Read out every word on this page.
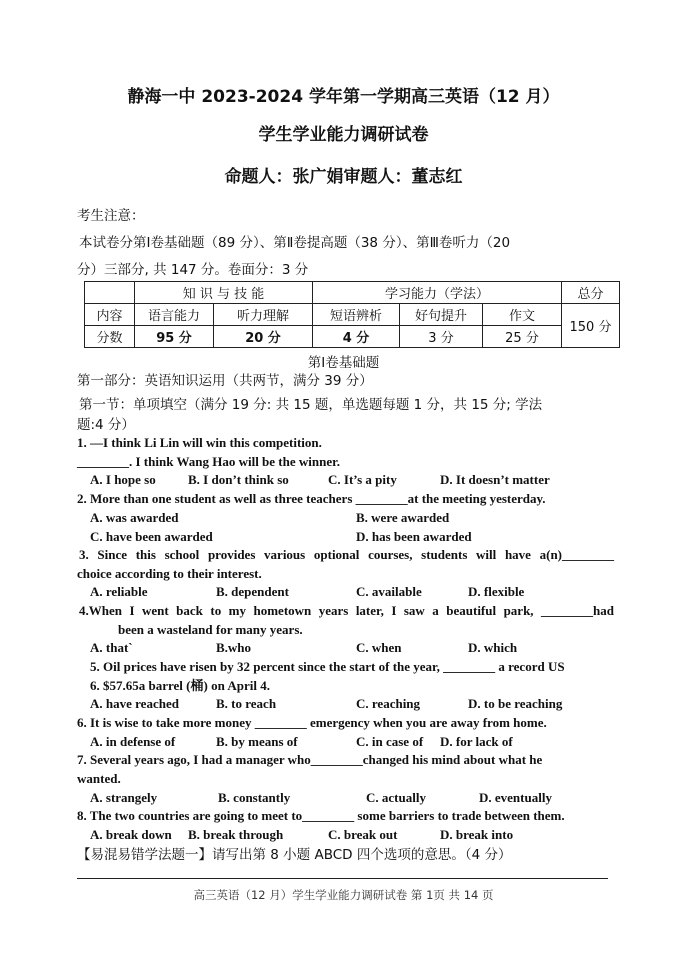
静海一中 2023-2024 学年第一学期高三英语（12 月）
学生学业能力调研试卷
命题人：张广娟审题人：董志红
考生注意：
本试卷分第Ⅰ卷基础题（89 分）、第Ⅱ卷提高题（38 分）、第Ⅲ卷听力（20
分）三部分, 共 147 分。卷面分：3 分
	知 识 与 技 能		学习能力（学法）			总分
内容	语言能力	听力理解	短语辨析	好句提升	作文	150 分
分数	95 分	20 分	4 分	3 分	25 分	
第Ⅰ卷基础题
第一部分：英语知识运用（共两节，满分 39 分）
第一节：单项填空（满分 19 分: 共 15 题，单选题每题 1 分，共 15 分; 学法
题:4 分）
1. —I think Li Lin will win this competition.
________. I think Wang Hao will be the winner.
A. I hope so B. I don’t think so	C. It’s a pity	D. It doesn’t matter
2. More than one student as well as three teachers ________at the meeting yesterday.
A. was awarded	B. were awarded
C. have been awarded	D. has been awarded
3. Since this school provides various optional courses, students will have a(n)________
choice according to their interest.
A. reliable	B. dependent	C. available	D. flexible
4.When I went back to my hometown years later, I saw a beautiful park, ________had
been a wasteland for many years.
A. that`	B.who	C. when	D. which
5. Oil prices have risen by 32 percent since the start of the year, ________ a record US
6. $57.65a barrel (桶) on April 4.
A. have reached	B. to reach	C. reaching	D. to be reaching
6. It is wise to take more money ________ emergency when you are away from home.
A. in defense of	B. by means of	C. in case of D. for lack of
7. Several years ago, I had a manager who________changed his mind about what he
wanted.
A. strangely	B. constantly	C. actually	D. eventually
8. The two countries are going to meet to________ some barriers to trade between them.
A. break down B. break through	C. break out	D. break into
【易混易错学法题一】请写出第 8 小题 ABCD 四个选项的意思。（4 分）
高三英语（12 月）学生学业能力调研试卷 第 1页 共 14 页
